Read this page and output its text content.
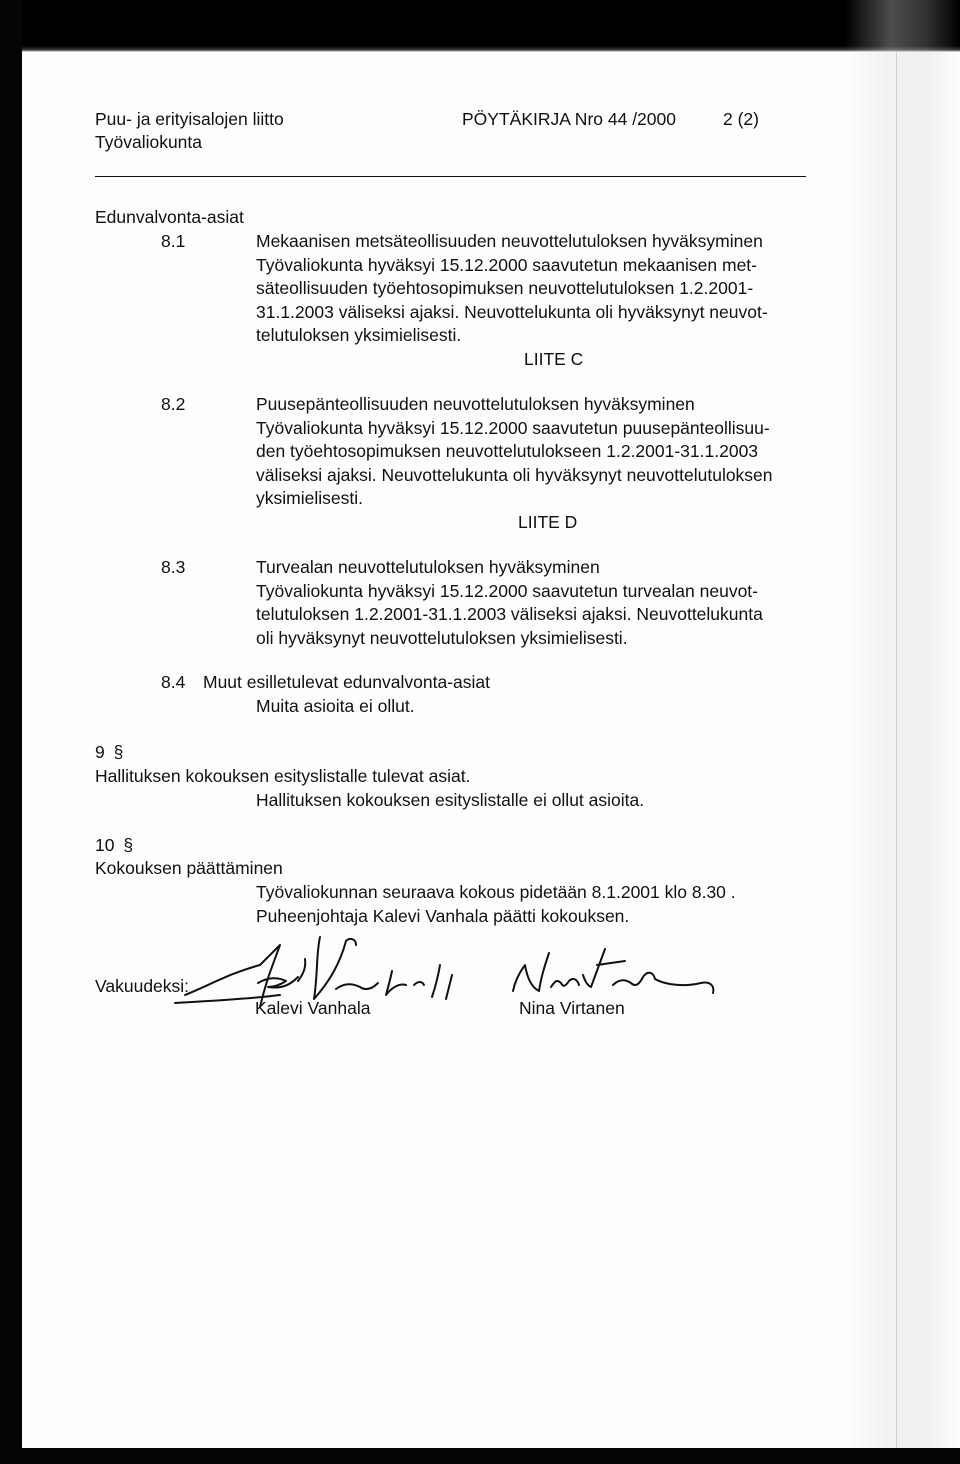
Puu- ja erityisalojen liitto
Työvaliokunta
PÖYTÄKIRJA Nro 44 /2000	2 (2)
Edunvalvonta-asiat
8.1	Mekaanisen metsäteollisuuden neuvottelutuloksen hyväksyminen
Työvaliokunta hyväksyi 15.12.2000 saavutetun mekaanisen met-
säteollisuuden työehtosopimuksen neuvottelutuloksen 1.2.2001-
31.1.2003 väliseksi ajaksi. Neuvottelukunta oli hyväksynyt neuvot-
telutuloksen yksimielisesti.
LIITE C
8.2	Puusepänteollisuuden neuvottelutuloksen hyväksyminen
Työvaliokunta hyväksyi 15.12.2000 saavutetun puusepänteollisuu-
den työehtosopimuksen neuvottelutulokseen 1.2.2001-31.1.2003
väliseksi ajaksi. Neuvottelukunta oli hyväksynyt neuvottelutuloksen
yksimielisesti.
LIITE D
8.3	Turvealan neuvottelutuloksen hyväksyminen
Työvaliokunta hyväksyi 15.12.2000 saavutetun turvealan neuvot-
telutuloksen 1.2.2001-31.1.2003 väliseksi ajaksi. Neuvottelukunta
oli hyväksynyt neuvottelutuloksen yksimielisesti.
8.4 Muut esilletulevat edunvalvonta-asiat
Muita asioita ei ollut.
9 §
Hallituksen kokouksen esityslistalle tulevat asiat.
Hallituksen kokouksen esityslistalle ei ollut asioita.
10 §
Kokouksen päättäminen
Työvaliokunnan seuraava kokous pidetään 8.1.2001 klo 8.30 .
Puheenjohtaja Kalevi Vanhala päätti kokouksen.
Vakuudeksi:
Kalevi Vanhala	Nina Virtanen
